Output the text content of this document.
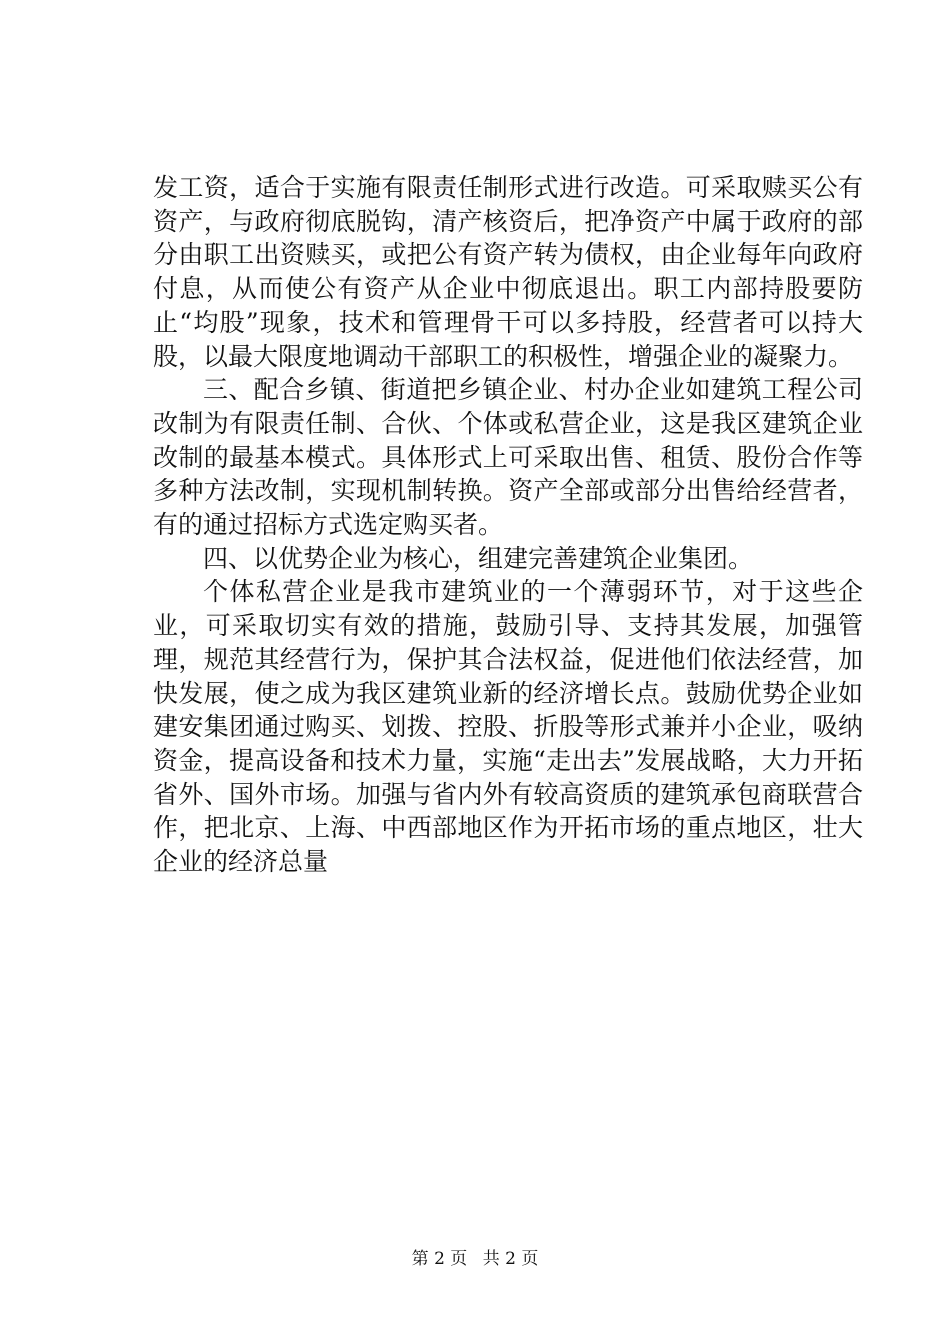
发工资，适合于实施有限责任制形式进行改造。可采取赎买公有资产，与政府彻底脱钩，清产核资后，把净资产中属于政府的部分由职工出资赎买，或把公有资产转为债权，由企业每年向政府付息，从而使公有资产从企业中彻底退出。职工内部持股要防止“均股”现象，技术和管理骨干可以多持股，经营者可以持大股，以最大限度地调动干部职工的积极性，增强企业的凝聚力。

三、配合乡镇、街道把乡镇企业、村办企业如建筑工程公司改制为有限责任制、合伙、个体或私营企业，这是我区建筑企业改制的最基本模式。具体形式上可采取出售、租赁、股份合作等多种方法改制，实现机制转换。资产全部或部分出售给经营者，有的通过招标方式选定购买者。

四、以优势企业为核心，组建完善建筑企业集团。

个体私营企业是我市建筑业的一个薄弱环节，对于这些企业，可采取切实有效的措施，鼓励引导、支持其发展，加强管理，规范其经营行为，保护其合法权益，促进他们依法经营，加快发展，使之成为我区建筑业新的经济增长点。鼓励优势企业如建安集团通过购买、划拨、控股、折股等形式兼并小企业，吸纳资金，提高设备和技术力量，实施“走出去”发展战略，大力开拓省外、国外市场。加强与省内外有较高资质的建筑承包商联营合作，把北京、上海、中西部地区作为开拓市场的重点地区，壮大企业的经济总量

第 2 页 共 2 页
